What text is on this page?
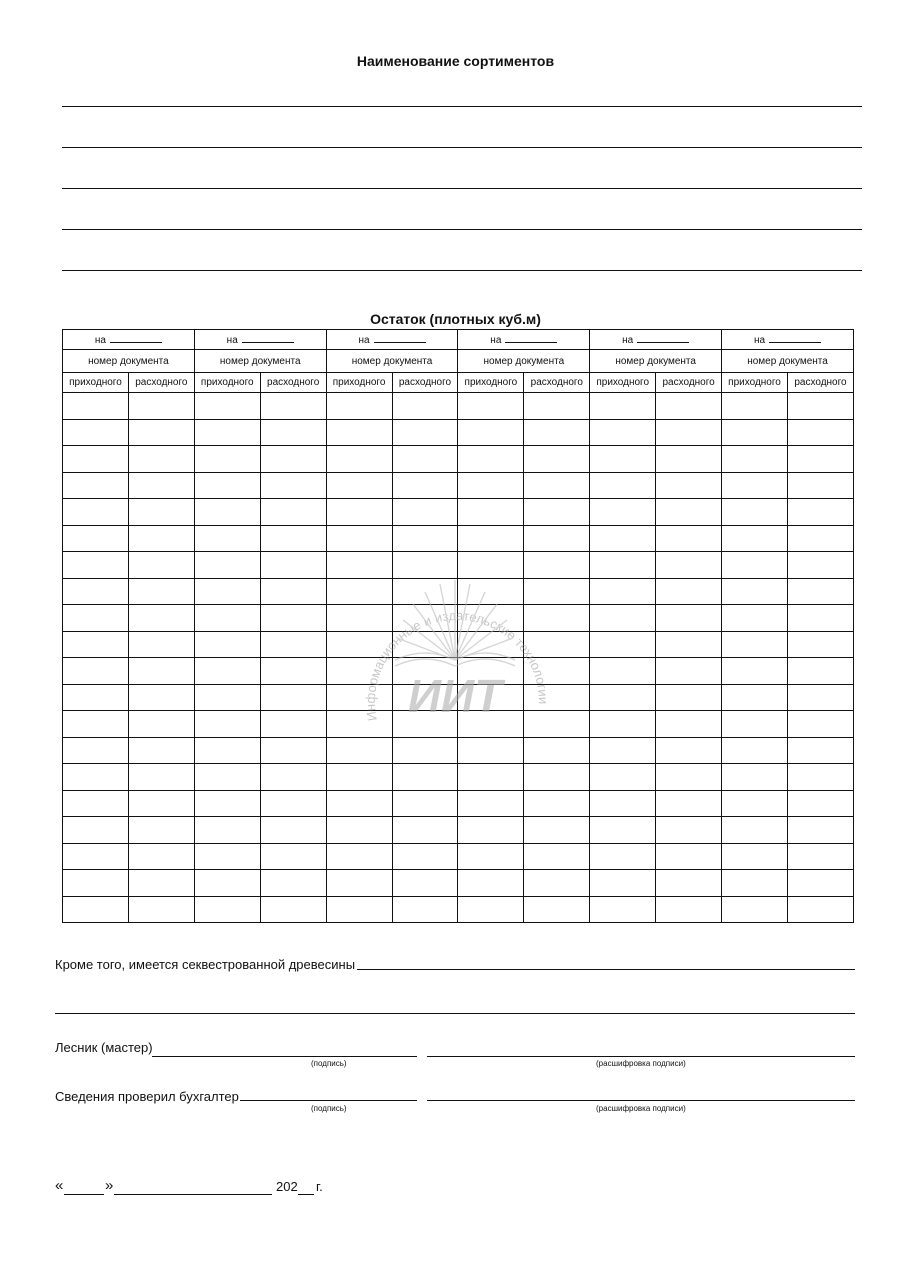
Наименование сортиментов
Остаток (плотных куб.м)
на		на		на		на		на		на	
номер документа		номер документа		номер документа		номер документа		номер документа		номер документа	
приходного	расходного	приходного	расходного	приходного	расходного	приходного	расходного	приходного	расходного	приходного	расходного

Информационные и издательские технологии
ИИТ
Кроме того, имеется секвестрованной древесины
Лесник (мастер)
(подпись)	(расшифровка подписи)
Сведения проверил бухгалтер
(подпись)	(расшифровка подписи)
«	»	202 г.
